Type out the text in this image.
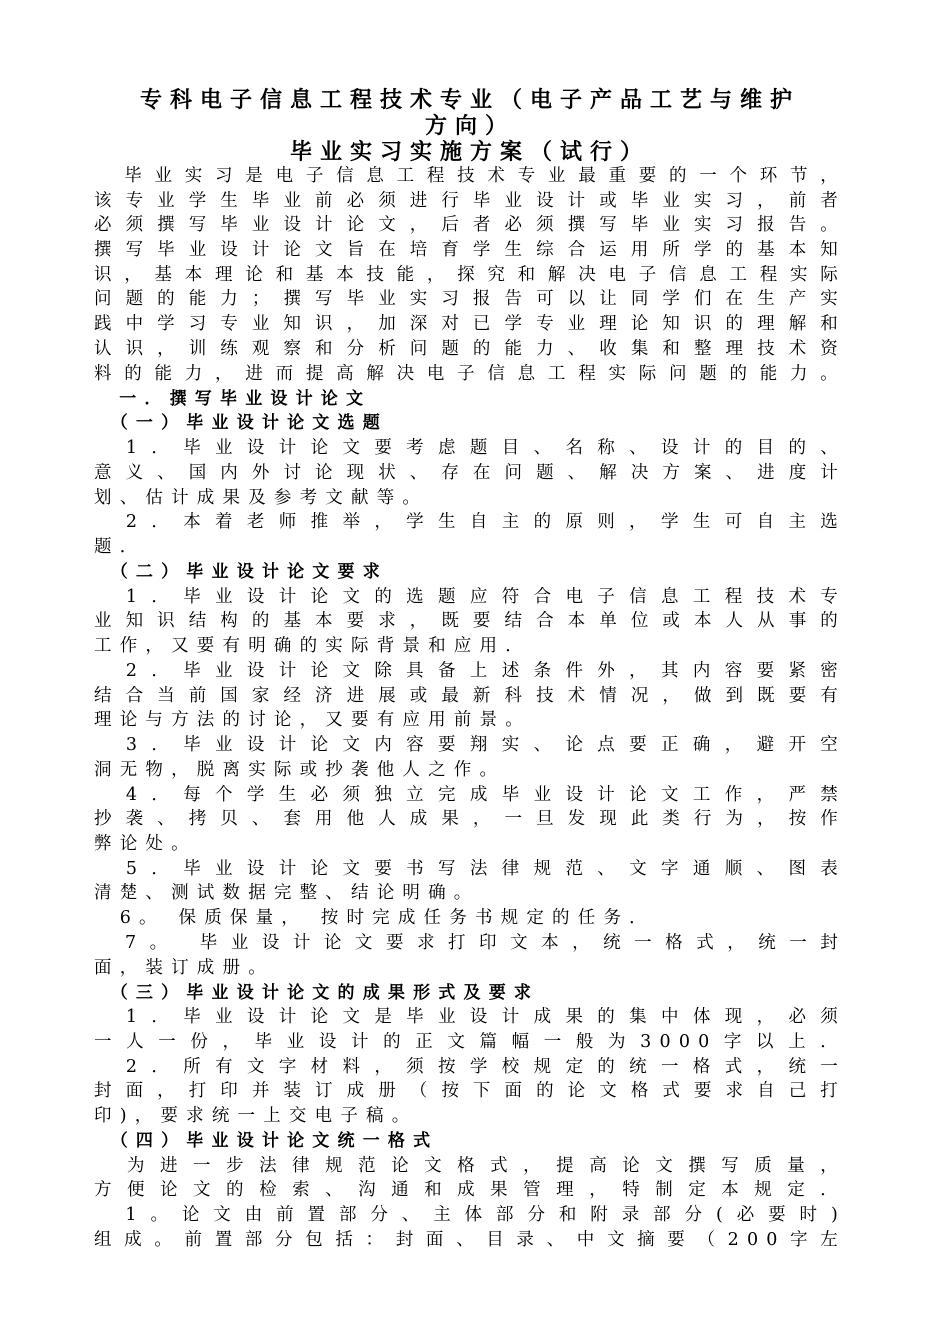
专科电子信息工程技术专业（电子产品工艺与维护
方向）
毕业实习实施方案（试行）
　毕业实习是电子信息工程技术专业最重要的一个环节，
该专业学生毕业前必须进行毕业设计或毕业实习，前者
必须撰写毕业设计论文，后者必须撰写毕业实习报告。
撰写毕业设计论文旨在培育学生综合运用所学的基本知
识，基本理论和基本技能，探究和解决电子信息工程实际
问题的能力；撰写毕业实习报告可以让同学们在生产实
践中学习专业知识，加深对已学专业理论知识的理解和
认识，训练观察和分析问题的能力、收集和整理技术资
料的能力，进而提高解决电子信息工程实际问题的能力。
　一．撰写毕业设计论文
　（一）毕业设计论文选题
　1．毕业设计论文要考虑题目、名称、设计的目的、
意义、国内外讨论现状、存在问题、解决方案、进度计
划、估计成果及参考文献等。
　2．本着老师推举，学生自主的原则，学生可自主选
题．
　（二）毕业设计论文要求
　1．毕业设计论文的选题应符合电子信息工程技术专
业知识结构的基本要求，既要结合本单位或本人从事的
工作，又要有明确的实际背景和应用．
　2．毕业设计论文除具备上述条件外，其内容要紧密
结合当前国家经济进展或最新科技术情况，做到既要有
理论与方法的讨论，又要有应用前景。
　3．毕业设计论文内容要翔实、论点要正确，避开空
洞无物，脱离实际或抄袭他人之作。
　4．每个学生必须独立完成毕业设计论文工作，严禁
抄袭、拷贝、套用他人成果，一旦发现此类行为，按作
弊论处。
　5．毕业设计论文要书写法律规范、文字通顺、图表
清楚、测试数据完整、结论明确。
　6。 保质保量， 按时完成任务书规定的任务．
　7。 毕业设计论文要求打印文本，统一格式，统一封
面，装订成册。
　（三）毕业设计论文的成果形式及要求
　1．毕业设计论文是毕业设计成果的集中体现，必须
一人一份，毕业设计的正文篇幅一般为3000字以上．
　2．所有文字材料，须按学校规定的统一格式，统一
封面，打印并装订成册（按下面的论文格式要求自己打
印)，要求统一上交电子稿。
　（四）毕业设计论文统一格式
　为进一步法律规范论文格式，提高论文撰写质量，
方便论文的检索、沟通和成果管理，特制定本规定．
　1。论文由前置部分、主体部分和附录部分(必要时)
组成。前置部分包括：封面、目录、中文摘要（200字左
